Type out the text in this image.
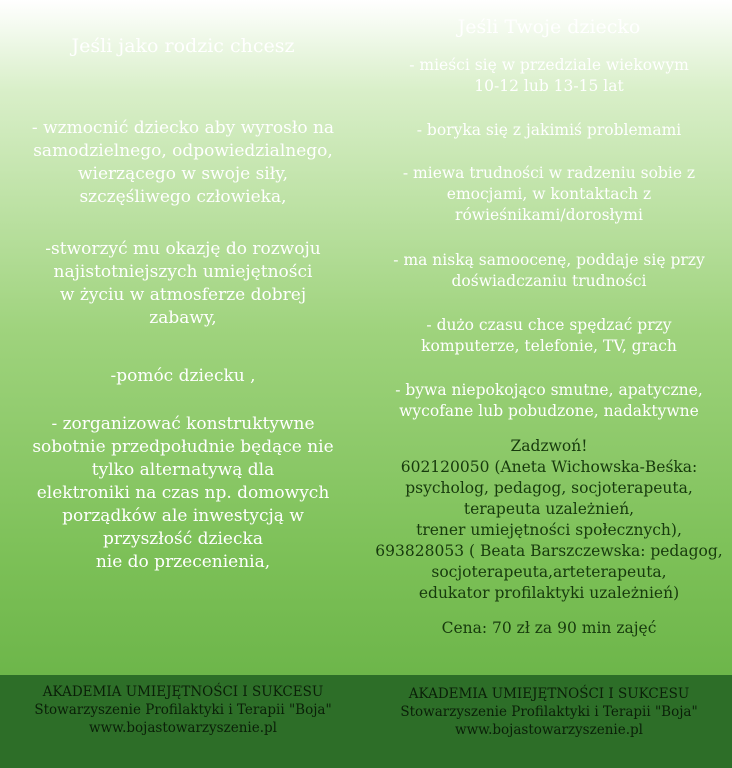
Jeśli jako rodzic chcesz
- wzmocnić dziecko aby wyrosło na
samodzielnego, odpowiedzialnego,
wierzącego w swoje siły,
szczęśliwego człowieka,
-stworzyć mu okazję do rozwoju
najistotniejszych umiejętności
w życiu w atmosferze dobrej
zabawy,
-pomóc dziecku ,
- zorganizować konstruktywne
sobotnie przedpołudnie będące nie
tylko alternatywą dla
elektroniki na czas np. domowych
porządków ale inwestycją w
przyszłość dziecka
nie do przecenienia,
Jeśli Twoje dziecko
- mieści się w przedziale wiekowym
10-12 lub 13-15 lat
- boryka się z jakimiś problemami
- miewa trudności w radzeniu sobie z
emocjami, w kontaktach z
rówieśnikami/dorosłymi
- ma niską samoocenę, poddaje się przy
doświadczaniu trudności
- dużo czasu chce spędzać przy
komputerze, telefonie, TV, grach
- bywa niepokojąco smutne, apatyczne,
wycofane lub pobudzone, nadaktywne
Zadzwoń!
602120050 (Aneta Wichowska-Beśka:
psycholog, pedagog, socjoterapeuta,
terapeuta uzależnień,
trener umiejętności społecznych),
693828053 ( Beata Barszczewska: pedagog,
socjoterapeuta,arteterapeuta,
edukator profilaktyki uzależnień)
Cena: 70 zł za 90 min zajęć
AKADEMIA UMIEJĘTNOŚCI I SUKCESU
Stowarzyszenie Profilaktyki i Terapii "Boja"
www.bojastowarzyszenie.pl
AKADEMIA UMIEJĘTNOŚCI I SUKCESU
Stowarzyszenie Profilaktyki i Terapii "Boja"
www.bojastowarzyszenie.pl
